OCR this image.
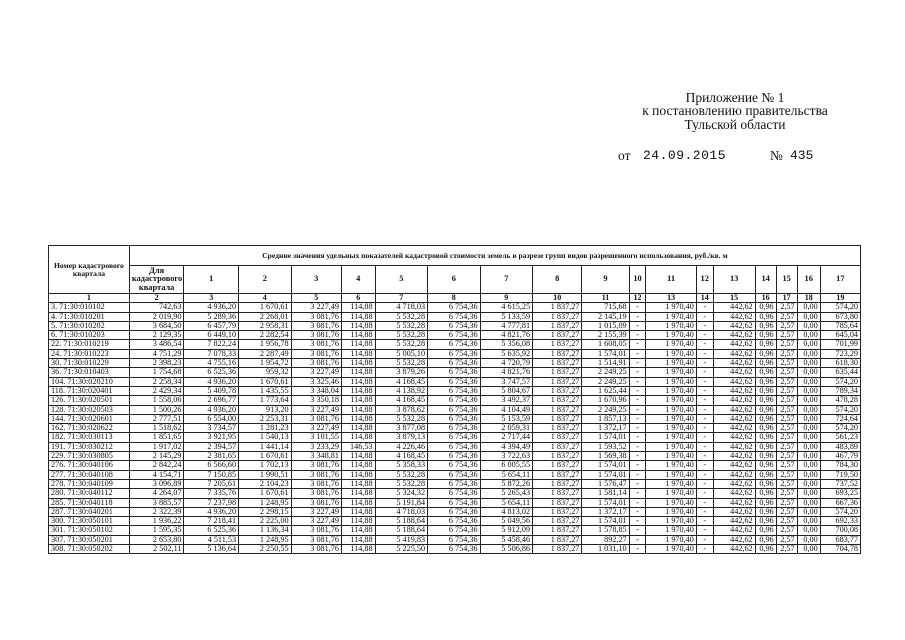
Приложение № 1
к постановлению правительства
Тульской области
от 24.09.2015	№ 435
Номер кадастрового квартала	Средние значения удельных показателей кадастровой стоимости земель в разрезе групп видов разрешенного использования, руб./кв. м																	
	Для кадастрового квартала	1	2	3	4	5	6	7	8	9	10	11	12	13	14	15	16	17
1	2	3	4	5	6	7	8	9	10	11	12	13	14	15	16	17	18	19
3. 71:30:010102	742,63	4 936,20	1 670,61	3 227,49	114,88	4 718,03	6 754,36	4 615,25	1 837,27	715,68	-	1 970,40	-	442,62	0,96	2,57	0,00	574,20
4. 71:30:010201	2 019,90	5 289,36	2 268,01	3 081,76	114,88	5 532,28	6 754,36	5 133,59	1 837,27	2 145,19	-	1 970,40	-	442,62	0,96	2,57	0,00	673,80
5. 71:30:010202	3 684,50	6 457,79	2 958,31	3 081,76	114,88	5 532,28	6 754,36	4 777,81	1 837,27	1 015,09	-	1 970,40	-	442,62	0,96	2,57	0,00	785,64
6. 71:30:010203	2 129,35	6 449,10	2 282,54	3 081,76	114,88	5 532,28	6 754,36	4 821,76	1 837,27	2 155,39	-	1 970,40	-	442,62	0,96	2,57	0,00	645,04
22. 71:30:010219	3 486,54	7 822,24	1 956,78	3 081,76	114,88	5 532,28	6 754,36	5 356,08	1 837,27	1 608,05	-	1 970,40	-	442,62	0,96	2,57	0,00	701,99
24. 71:30:010223	4 751,29	7 078,33	2 287,49	3 081,76	114,88	5 005,10	6 754,36	5 635,92	1 837,27	1 574,01	-	1 970,40	-	442,62	0,96	2,57	0,00	723,29
30. 71:30:010229	2 398,23	4 755,16	1 954,72	3 081,76	114,88	5 532,28	6 754,36	4 720,79	1 837,27	1 514,91	-	1 970,40	-	442,62	0,96	2,57	0,00	618,30
36. 71:30:010403	1 754,68	6 525,36	959,32	3 227,49	114,88	3 879,26	6 754,36	4 821,76	1 837,27	2 249,25	-	1 970,40	-	442,62	0,96	2,57	0,00	635,44
104. 71:30:020210	2 258,34	4 936,20	1 670,61	3 325,46	114,88	4 168,45	6 754,36	3 747,57	1 837,27	2 249,25	-	1 970,40	-	442,62	0,96	2,57	0,00	574,20
118. 71:30:020401	2 429,34	5 409,78	1 435,55	3 348,04	114,88	4 138,92	6 754,36	5 804,67	1 837,27	1 625,44	-	1 970,40	-	442,62	0,96	2,57	0,00	789,34
126. 71:30:020501	1 558,06	2 696,77	1 773,64	3 350,18	114,88	4 168,45	6 754,36	3 492,37	1 837,27	1 670,96	-	1 970,40	-	442,62	0,96	2,57	0,00	478,28
128. 71:30:020503	1 500,26	4 936,20	913,20	3 227,49	114,88	3 878,62	6 754,36	4 104,49	1 837,27	2 249,25	-	1 970,40	-	442,62	0,96	2,57	0,00	574,20
144. 71:30:020601	2 777,51	6 554,00	2 253,31	3 081,76	114,88	5 532,28	6 754,36	5 153,59	1 837,27	1 857,13	-	1 970,40	-	442,62	0,96	2,57	0,00	724,64
162. 71:30:020622	1 518,62	3 734,57	1 281,23	3 227,49	114,88	3 877,08	6 754,36	2 059,31	1 837,27	1 372,17	-	1 970,40	-	442,62	0,96	2,57	0,00	574,20
182. 71:30:030113	1 851,65	3 921,95	1 540,13	3 101,55	114,88	3 879,13	6 754,36	2 717,44	1 837,27	1 574,01	-	1 970,40	-	442,62	0,96	2,57	0,00	561,23
191. 71:30:030212	1 917,02	2 394,57	1 441,14	3 233,29	146,53	4 226,46	6 754,36	4 394,49	1 837,27	1 593,52	-	1 970,40	-	442,62	0,96	2,57	0,00	483,89
229. 71:30:030805	2 145,29	2 381,65	1 670,61	3 348,81	114,88	4 168,45	6 754,36	3 722,63	1 837,27	1 569,38	-	1 970,40	-	442,62	0,96	2,57	0,00	467,79
276. 71:30:040106	2 842,24	6 566,60	1 702,13	3 081,76	114,88	5 358,33	6 754,36	6 005,55	1 837,27	1 574,01	-	1 970,40	-	442,62	0,96	2,57	0,00	784,30
277. 71:30:040108	4 154,71	7 150,85	1 990,51	3 081,76	114,88	5 532,28	6 754,36	5 654,11	1 837,27	1 574,01	-	1 970,40	-	442,62	0,96	2,57	0,00	719,50
278. 71:30:040109	3 096,89	7 205,61	2 104,23	3 081,76	114,88	5 532,28	6 754,36	5 872,26	1 837,27	1 576,47	-	1 970,40	-	442,62	0,96	2,57	0,00	737,52
280. 71:30:040112	4 264,07	7 335,76	1 670,61	3 081,76	114,88	5 324,32	6 754,36	5 265,43	1 837,27	1 581,14	-	1 970,40	-	442,62	0,96	2,57	0,00	693,25
285. 71:30:040118	3 885,57	7 237,98	1 248,95	3 081,76	114,88	5 191,84	6 754,36	5 654,11	1 837,27	1 574,01	-	1 970,40	-	442,62	0,96	2,57	0,00	667,36
287. 71:30:040201	2 322,39	4 936,20	2 298,15	3 227,49	114,88	4 718,03	6 754,36	4 813,02	1 837,27	1 372,17	-	1 970,40	-	442,62	0,96	2,57	0,00	574,20
300. 71:30:050101	1 936,22	7 218,41	2 225,00	3 227,49	114,88	5 188,64	6 754,36	5 049,56	1 837,27	1 574,01	-	1 970,40	-	442,62	0,96	2,57	0,00	692,33
301. 71:30:050102	1 595,35	6 525,36	1 136,34	3 081,76	114,88	5 188,64	6 754,36	5 912,09	1 837,27	1 578,85	-	1 970,40	-	442,62	0,96	2,57	0,00	700,08
307. 71:30:050201	2 653,80	4 511,53	1 248,95	3 081,76	114,88	5 419,83	6 754,36	5 458,46	1 837,27	892,27	-	1 970,40	-	442,62	0,96	2,57	0,00	683,77
308. 71:30:050202	2 502,11	5 136,64	2 250,55	3 081,76	114,88	5 225,50	6 754,36	5 506,86	1 837,27	1 031,10	-	1 970,40	-	442,62	0,96	2,57	0,00	704,78
